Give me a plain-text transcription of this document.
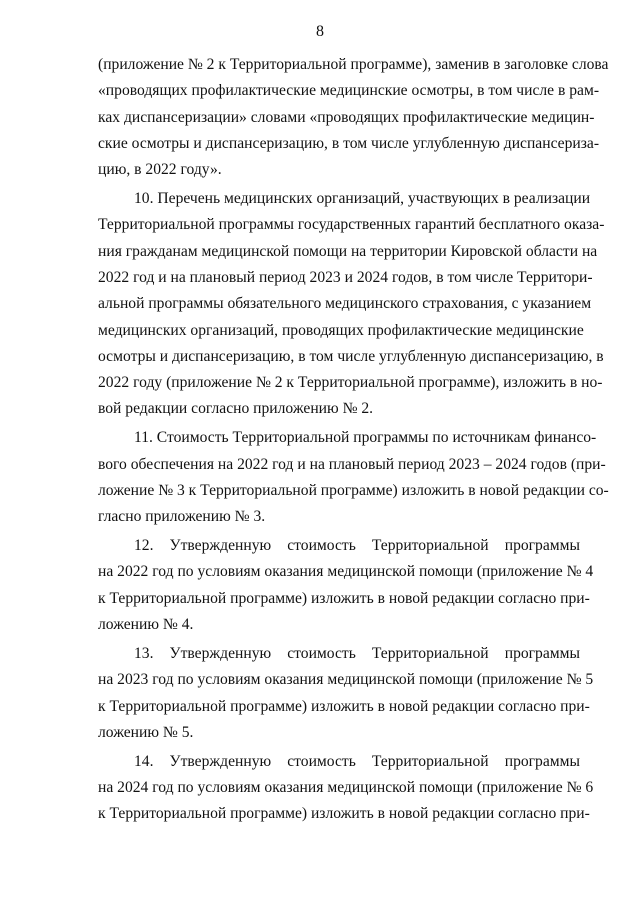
8
(приложение № 2 к Территориальной программе), заменив в заголовке слова
«проводящих профилактические медицинские осмотры, в том числе в рам-
ках диспансеризации» словами «проводящих профилактические медицин-
ские осмотры и диспансеризацию, в том числе углубленную диспансериза-
цию, в 2022 году».
10. Перечень медицинских организаций, участвующих в реализации
Территориальной программы государственных гарантий бесплатного оказа-
ния гражданам медицинской помощи на территории Кировской области на
2022 год и на плановый период 2023 и 2024 годов, в том числе Территори-
альной программы обязательного медицинского страхования, с указанием
медицинских организаций, проводящих профилактические медицинские
осмотры и диспансеризацию, в том числе углубленную диспансеризацию, в
2022 году (приложение № 2 к Территориальной программе), изложить в но-
вой редакции согласно приложению № 2.
11. Стоимость Территориальной программы по источникам финансо-
вого обеспечения на 2022 год и на плановый период 2023 – 2024 годов (при-
ложение № 3 к Территориальной программе) изложить в новой редакции со-
гласно приложению № 3.
12. Утвержденную стоимость Территориальной программы
на 2022 год по условиям оказания медицинской помощи (приложение № 4
к Территориальной программе) изложить в новой редакции согласно при-
ложению № 4.
13. Утвержденную стоимость Территориальной программы
на 2023 год по условиям оказания медицинской помощи (приложение № 5
к Территориальной программе) изложить в новой редакции согласно при-
ложению № 5.
14. Утвержденную стоимость Территориальной программы
на 2024 год по условиям оказания медицинской помощи (приложение № 6
к Территориальной программе) изложить в новой редакции согласно при-
